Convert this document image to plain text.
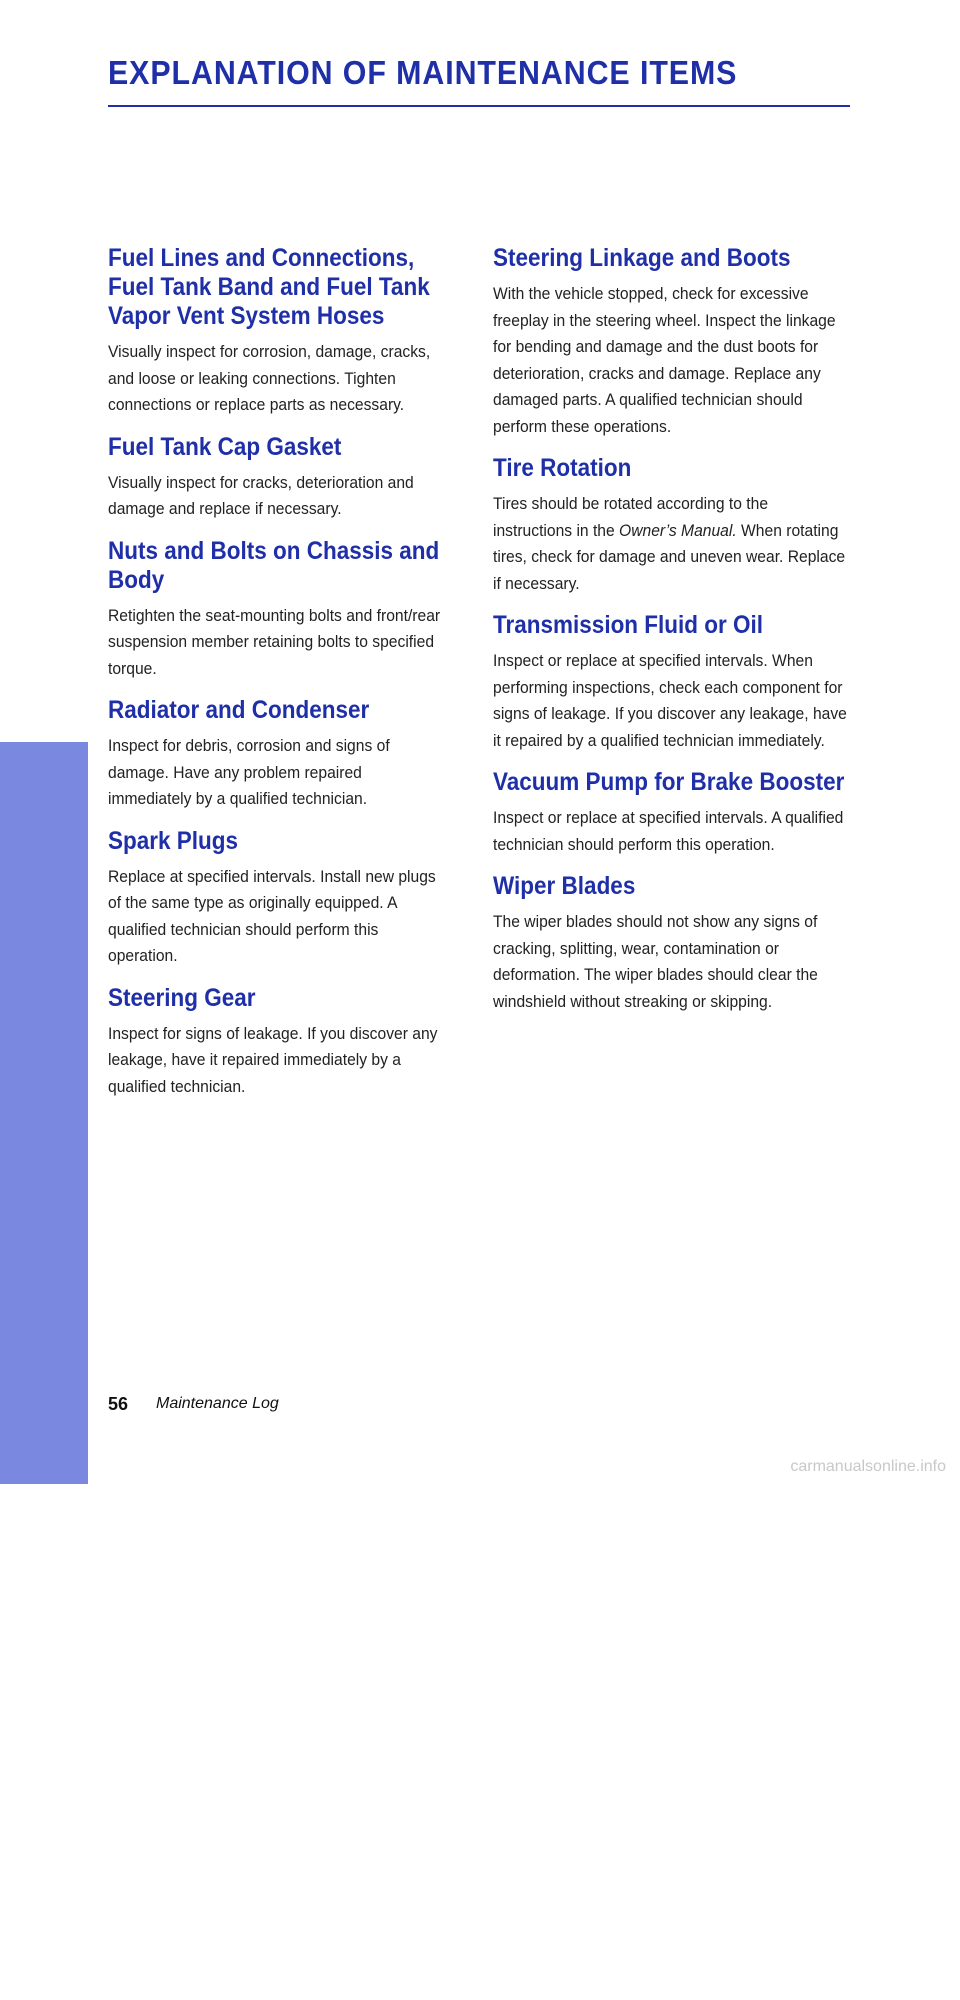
EXPLANATION OF MAINTENANCE ITEMS
MAINTENANCE
Fuel Lines and Connections, Fuel Tank Band and Fuel Tank Vapor Vent System Hoses

Visually inspect for corrosion, damage, cracks, and loose or leaking connections. Tighten connections or replace parts as necessary.

Fuel Tank Cap Gasket

Visually inspect for cracks, deterioration and damage and replace if necessary.

Nuts and Bolts on Chassis and Body

Retighten the seat-mounting bolts and front/rear suspension member retaining bolts to specified torque.

Radiator and Condenser

Inspect for debris, corrosion and signs of damage. Have any problem repaired immediately by a qualified technician.

Spark Plugs

Replace at specified intervals. Install new plugs of the same type as originally equipped. A qualified technician should perform this operation.

Steering Gear

Inspect for signs of leakage. If you discover any leakage, have it repaired immediately by a qualified technician.

Steering Linkage and Boots

With the vehicle stopped, check for excessive freeplay in the steering wheel. Inspect the linkage for bending and damage and the dust boots for deterioration, cracks and damage. Replace any damaged parts. A qualified technician should perform these operations.

Tire Rotation

Tires should be rotated according to the instructions in the Owner’s Manual. When rotating tires, check for damage and uneven wear. Replace if necessary.

Transmission Fluid or Oil

Inspect or replace at specified intervals. When performing inspections, check each component for signs of leakage. If you discover any leakage, have it repaired by a qualified technician immediately.

Vacuum Pump for Brake Booster

Inspect or replace at specified intervals. A qualified technician should perform this operation.

Wiper Blades

The wiper blades should not show any signs of cracking, splitting, wear, contamination or deformation. The wiper blades should clear the windshield without streaking or skipping.

56 Maintenance Log
carmanualsonline.info
